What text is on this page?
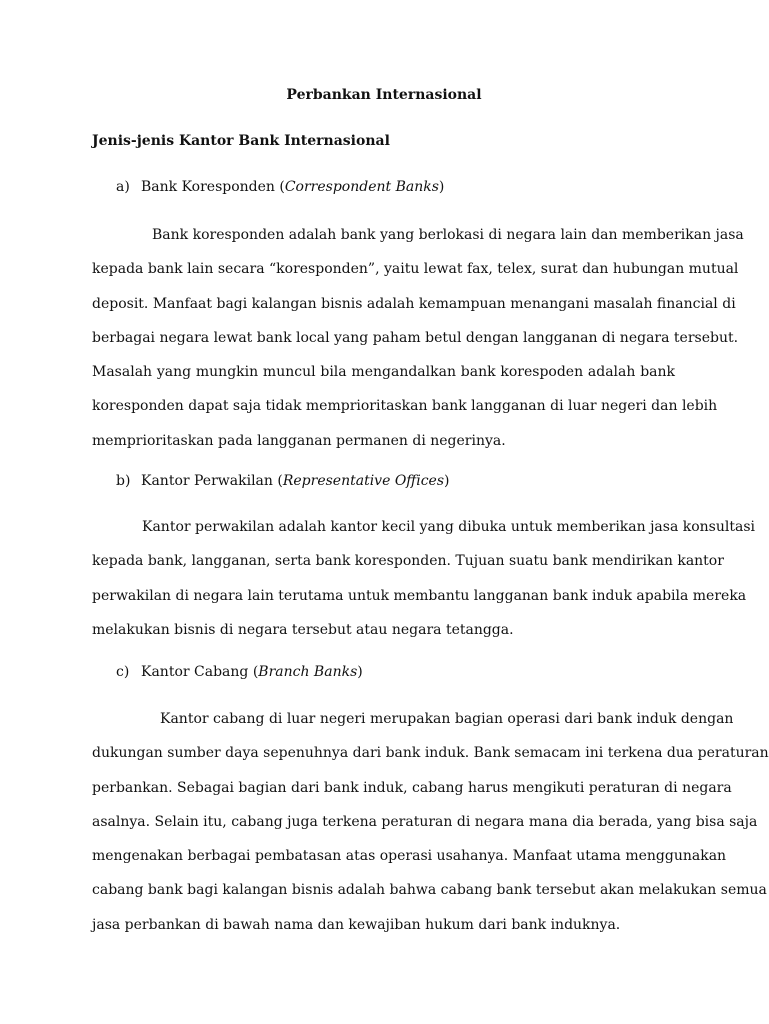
Perbankan Internasional
Jenis-jenis Kantor Bank Internasional
a) Bank Koresponden (Correspondent Banks)
Bank koresponden adalah bank yang berlokasi di negara lain dan memberikan jasa
kepada bank lain secara “koresponden”, yaitu lewat fax, telex, surat dan hubungan mutual
deposit. Manfaat bagi kalangan bisnis adalah kemampuan menangani masalah financial di
berbagai negara lewat bank local yang paham betul dengan langganan di negara tersebut.
Masalah yang mungkin muncul bila mengandalkan bank korespoden adalah bank
koresponden dapat saja tidak memprioritaskan bank langganan di luar negeri dan lebih
memprioritaskan pada langganan permanen di negerinya.
b) Kantor Perwakilan (Representative Offices)
Kantor perwakilan adalah kantor kecil yang dibuka untuk memberikan jasa konsultasi
kepada bank, langganan, serta bank koresponden. Tujuan suatu bank mendirikan kantor
perwakilan di negara lain terutama untuk membantu langganan bank induk apabila mereka
melakukan bisnis di negara tersebut atau negara tetangga.
c) Kantor Cabang (Branch Banks)
Kantor cabang di luar negeri merupakan bagian operasi dari bank induk dengan
dukungan sumber daya sepenuhnya dari bank induk. Bank semacam ini terkena dua peraturan
perbankan. Sebagai bagian dari bank induk, cabang harus mengikuti peraturan di negara
asalnya. Selain itu, cabang juga terkena peraturan di negara mana dia berada, yang bisa saja
mengenakan berbagai pembatasan atas operasi usahanya. Manfaat utama menggunakan
cabang bank bagi kalangan bisnis adalah bahwa cabang bank tersebut akan melakukan semua
jasa perbankan di bawah nama dan kewajiban hukum dari bank induknya.
